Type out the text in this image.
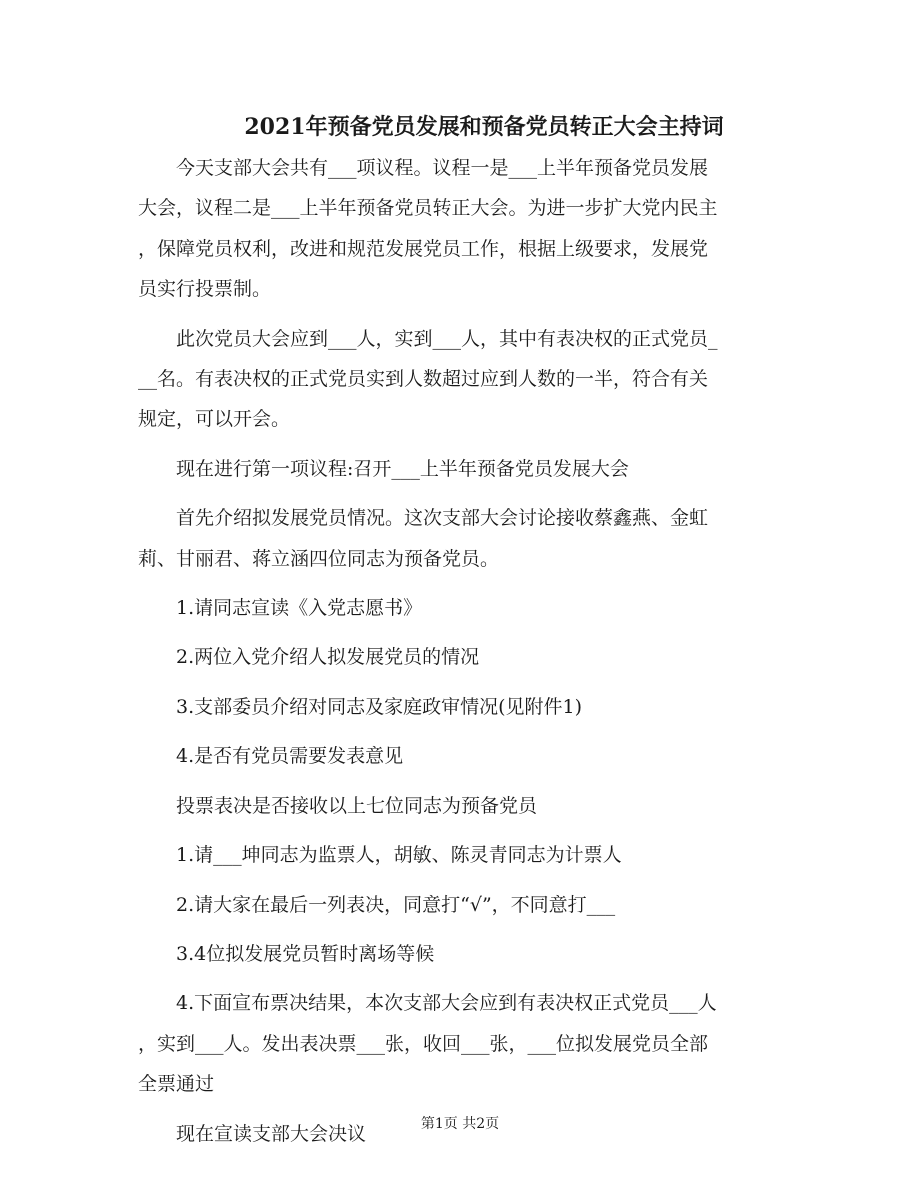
2021年预备党员发展和预备党员转正大会主持词
今天支部大会共有___项议程。议程一是___上半年预备党员发展
大会，议程二是___上半年预备党员转正大会。为进一步扩大党内民主
，保障党员权利，改进和规范发展党员工作，根据上级要求，发展党
员实行投票制。
此次党员大会应到___人，实到___人，其中有表决权的正式党员_
__名。有表决权的正式党员实到人数超过应到人数的一半，符合有关
规定，可以开会。
现在进行第一项议程:召开___上半年预备党员发展大会
首先介绍拟发展党员情况。这次支部大会讨论接收蔡鑫燕、金虹
莉、甘丽君、蒋立涵四位同志为预备党员。
1.请同志宣读《入党志愿书》
2.两位入党介绍人拟发展党员的情况
3.支部委员介绍对同志及家庭政审情况(见附件1)
4.是否有党员需要发表意见
投票表决是否接收以上七位同志为预备党员
1.请___坤同志为监票人，胡敏、陈灵青同志为计票人
2.请大家在最后一列表决，同意打“√”，不同意打___
3.4位拟发展党员暂时离场等候
4.下面宣布票决结果，本次支部大会应到有表决权正式党员___人
，实到___人。发出表决票___张，收回___张，___位拟发展党员全部
全票通过
现在宣读支部大会决议	第1页 共2页
